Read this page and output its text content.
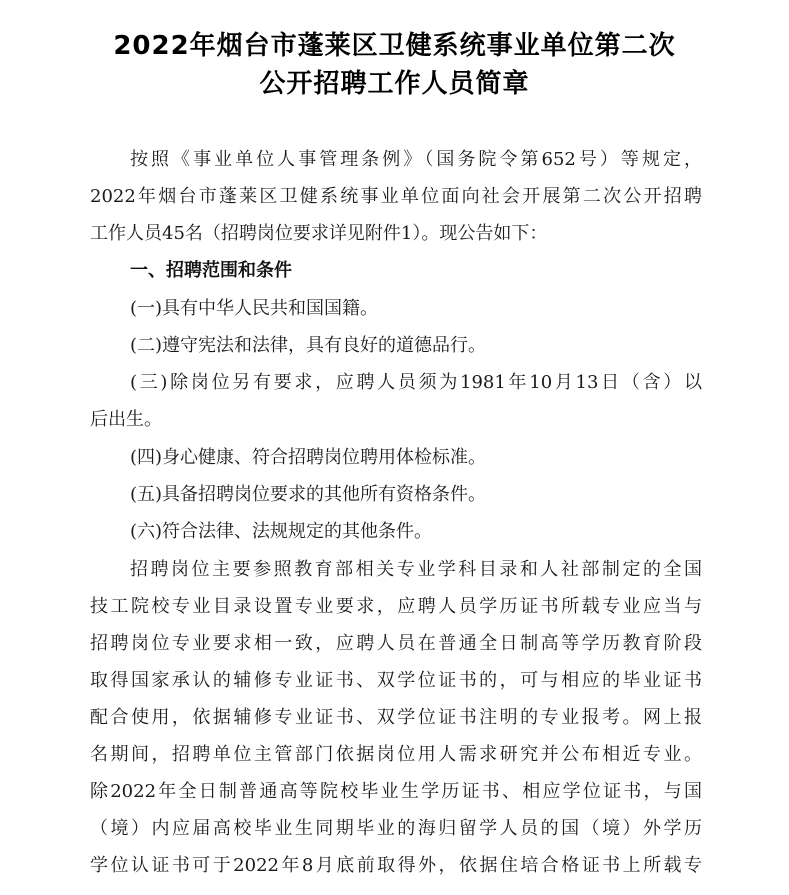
2022年烟台市蓬莱区卫健系统事业单位第二次
公开招聘工作人员简章

按照《事业单位人事管理条例》（国务院令第652号）等规定，

2022年烟台市蓬莱区卫健系统事业单位面向社会开展第二次公开招聘

工作人员45名（招聘岗位要求详见附件1）。现公告如下：

一、招聘范围和条件

(一)具有中华人民共和国国籍。

(二)遵守宪法和法律，具有良好的道德品行。

(三)除岗位另有要求，应聘人员须为1981年10月13日（含）以

后出生。

(四)身心健康、符合招聘岗位聘用体检标准。

(五)具备招聘岗位要求的其他所有资格条件。

(六)符合法律、法规规定的其他条件。

招聘岗位主要参照教育部相关专业学科目录和人社部制定的全国

技工院校专业目录设置专业要求，应聘人员学历证书所载专业应当与

招聘岗位专业要求相一致，应聘人员在普通全日制高等学历教育阶段

取得国家承认的辅修专业证书、双学位证书的，可与相应的毕业证书

配合使用，依据辅修专业证书、双学位证书注明的专业报考。网上报

名期间，招聘单位主管部门依据岗位用人需求研究并公布相近专业。

除2022年全日制普通高等院校毕业生学历证书、相应学位证书，与国

（境）内应届高校毕业生同期毕业的海归留学人员的国（境）外学历

学位认证书可于2022年8月底前取得外，依据住培合格证书上所载专
